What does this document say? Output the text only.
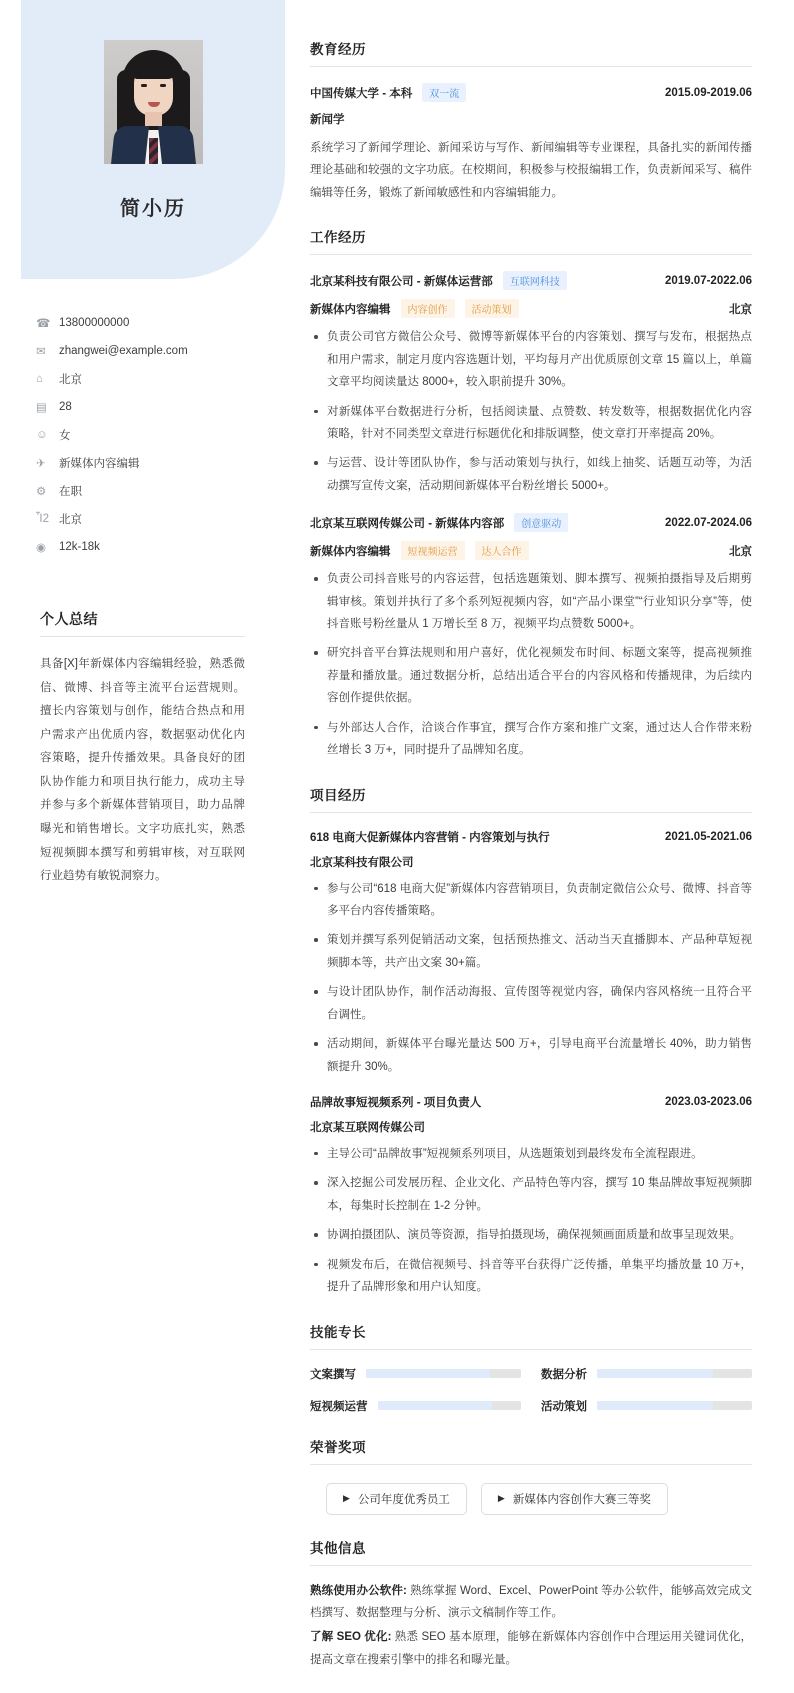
简小历
☎ 13800000000
✉	zhangwei@example.com
⌂	北京
▤	28
☺ 女
✈	新媒体内容编辑
⚙	在职
Ἶ2 北京
◉	12k-18k
个人总结
具备[X]年新媒体内容编辑经验，熟悉微信、微博、抖音等主流平台运营规则。擅长内容策划与创作，能结合热点和用户需求产出优质内容，数据驱动优化内容策略，提升传播效果。具备良好的团队协作能力和项目执行能力，成功主导并参与多个新媒体营销项目，助力品牌曝光和销售增长。文字功底扎实，熟悉短视频脚本撰写和剪辑审核，对互联网行业趋势有敏锐洞察力。
教育经历
中国传媒大学 - 本科	双一流	2015.09-2019.06
新闻学
系统学习了新闻学理论、新闻采访与写作、新闻编辑等专业课程，具备扎实的新闻传播理论基础和较强的文字功底。在校期间，积极参与校报编辑工作，负责新闻采写、稿件编辑等任务，锻炼了新闻敏感性和内容编辑能力。
工作经历
北京某科技有限公司 - 新媒体运营部	互联网科技	2019.07-2022.06
新媒体内容编辑	内容创作	活动策划	北京
负责公司官方微信公众号、微博等新媒体平台的内容策划、撰写与发布，根据热点和用户需求，制定月度内容选题计划，平均每月产出优质原创文章 15 篇以上，单篇文章平均阅读量达 8000+，较入职前提升 30%。
对新媒体平台数据进行分析，包括阅读量、点赞数、转发数等，根据数据优化内容策略，针对不同类型文章进行标题优化和排版调整，使文章打开率提高 20%。
与运营、设计等团队协作，参与活动策划与执行，如线上抽奖、话题互动等，为活动撰写宣传文案，活动期间新媒体平台粉丝增长 5000+。
北京某互联网传媒公司 - 新媒体内容部	创意驱动	2022.07-2024.06
新媒体内容编辑	短视频运营	达人合作	北京
负责公司抖音账号的内容运营，包括选题策划、脚本撰写、视频拍摄指导及后期剪辑审核。策划并执行了多个系列短视频内容，如“产品小课堂”“行业知识分享”等，使抖音账号粉丝量从 1 万增长至 8 万，视频平均点赞数 5000+。
研究抖音平台算法规则和用户喜好，优化视频发布时间、标题文案等，提高视频推荐量和播放量。通过数据分析，总结出适合平台的内容风格和传播规律，为后续内容创作提供依据。
与外部达人合作，洽谈合作事宜，撰写合作方案和推广文案，通过达人合作带来粉丝增长 3 万+，同时提升了品牌知名度。
项目经历
618 电商大促新媒体内容营销 - 内容策划与执行	2021.05-2021.06
北京某科技有限公司
参与公司“618 电商大促”新媒体内容营销项目，负责制定微信公众号、微博、抖音等多平台内容传播策略。
策划并撰写系列促销活动文案，包括预热推文、活动当天直播脚本、产品种草短视频脚本等，共产出文案 30+篇。
与设计团队协作，制作活动海报、宣传图等视觉内容，确保内容风格统一且符合平台调性。
活动期间，新媒体平台曝光量达 500 万+，引导电商平台流量增长 40%，助力销售额提升 30%。
品牌故事短视频系列 - 项目负责人	2023.03-2023.06
北京某互联网传媒公司
主导公司“品牌故事”短视频系列项目，从选题策划到最终发布全流程跟进。
深入挖掘公司发展历程、企业文化、产品特色等内容，撰写 10 集品牌故事短视频脚本，每集时长控制在 1-2 分钟。
协调拍摄团队、演员等资源，指导拍摄现场，确保视频画面质量和故事呈现效果。
视频发布后，在微信视频号、抖音等平台获得广泛传播，单集平均播放量 10 万+，提升了品牌形象和用户认知度。
技能专长
文案撰写	数据分析
短视频运营	活动策划
荣誉奖项
▶ 公司年度优秀员工	▶ 新媒体内容创作大赛三等奖
其他信息
熟练使用办公软件: 熟练掌握 Word、Excel、PowerPoint 等办公软件，能够高效完成文档撰写、数据整理与分析、演示文稿制作等工作。
了解 SEO 优化: 熟悉 SEO 基本原理，能够在新媒体内容创作中合理运用关键词优化，提高文章在搜索引擎中的排名和曝光量。
